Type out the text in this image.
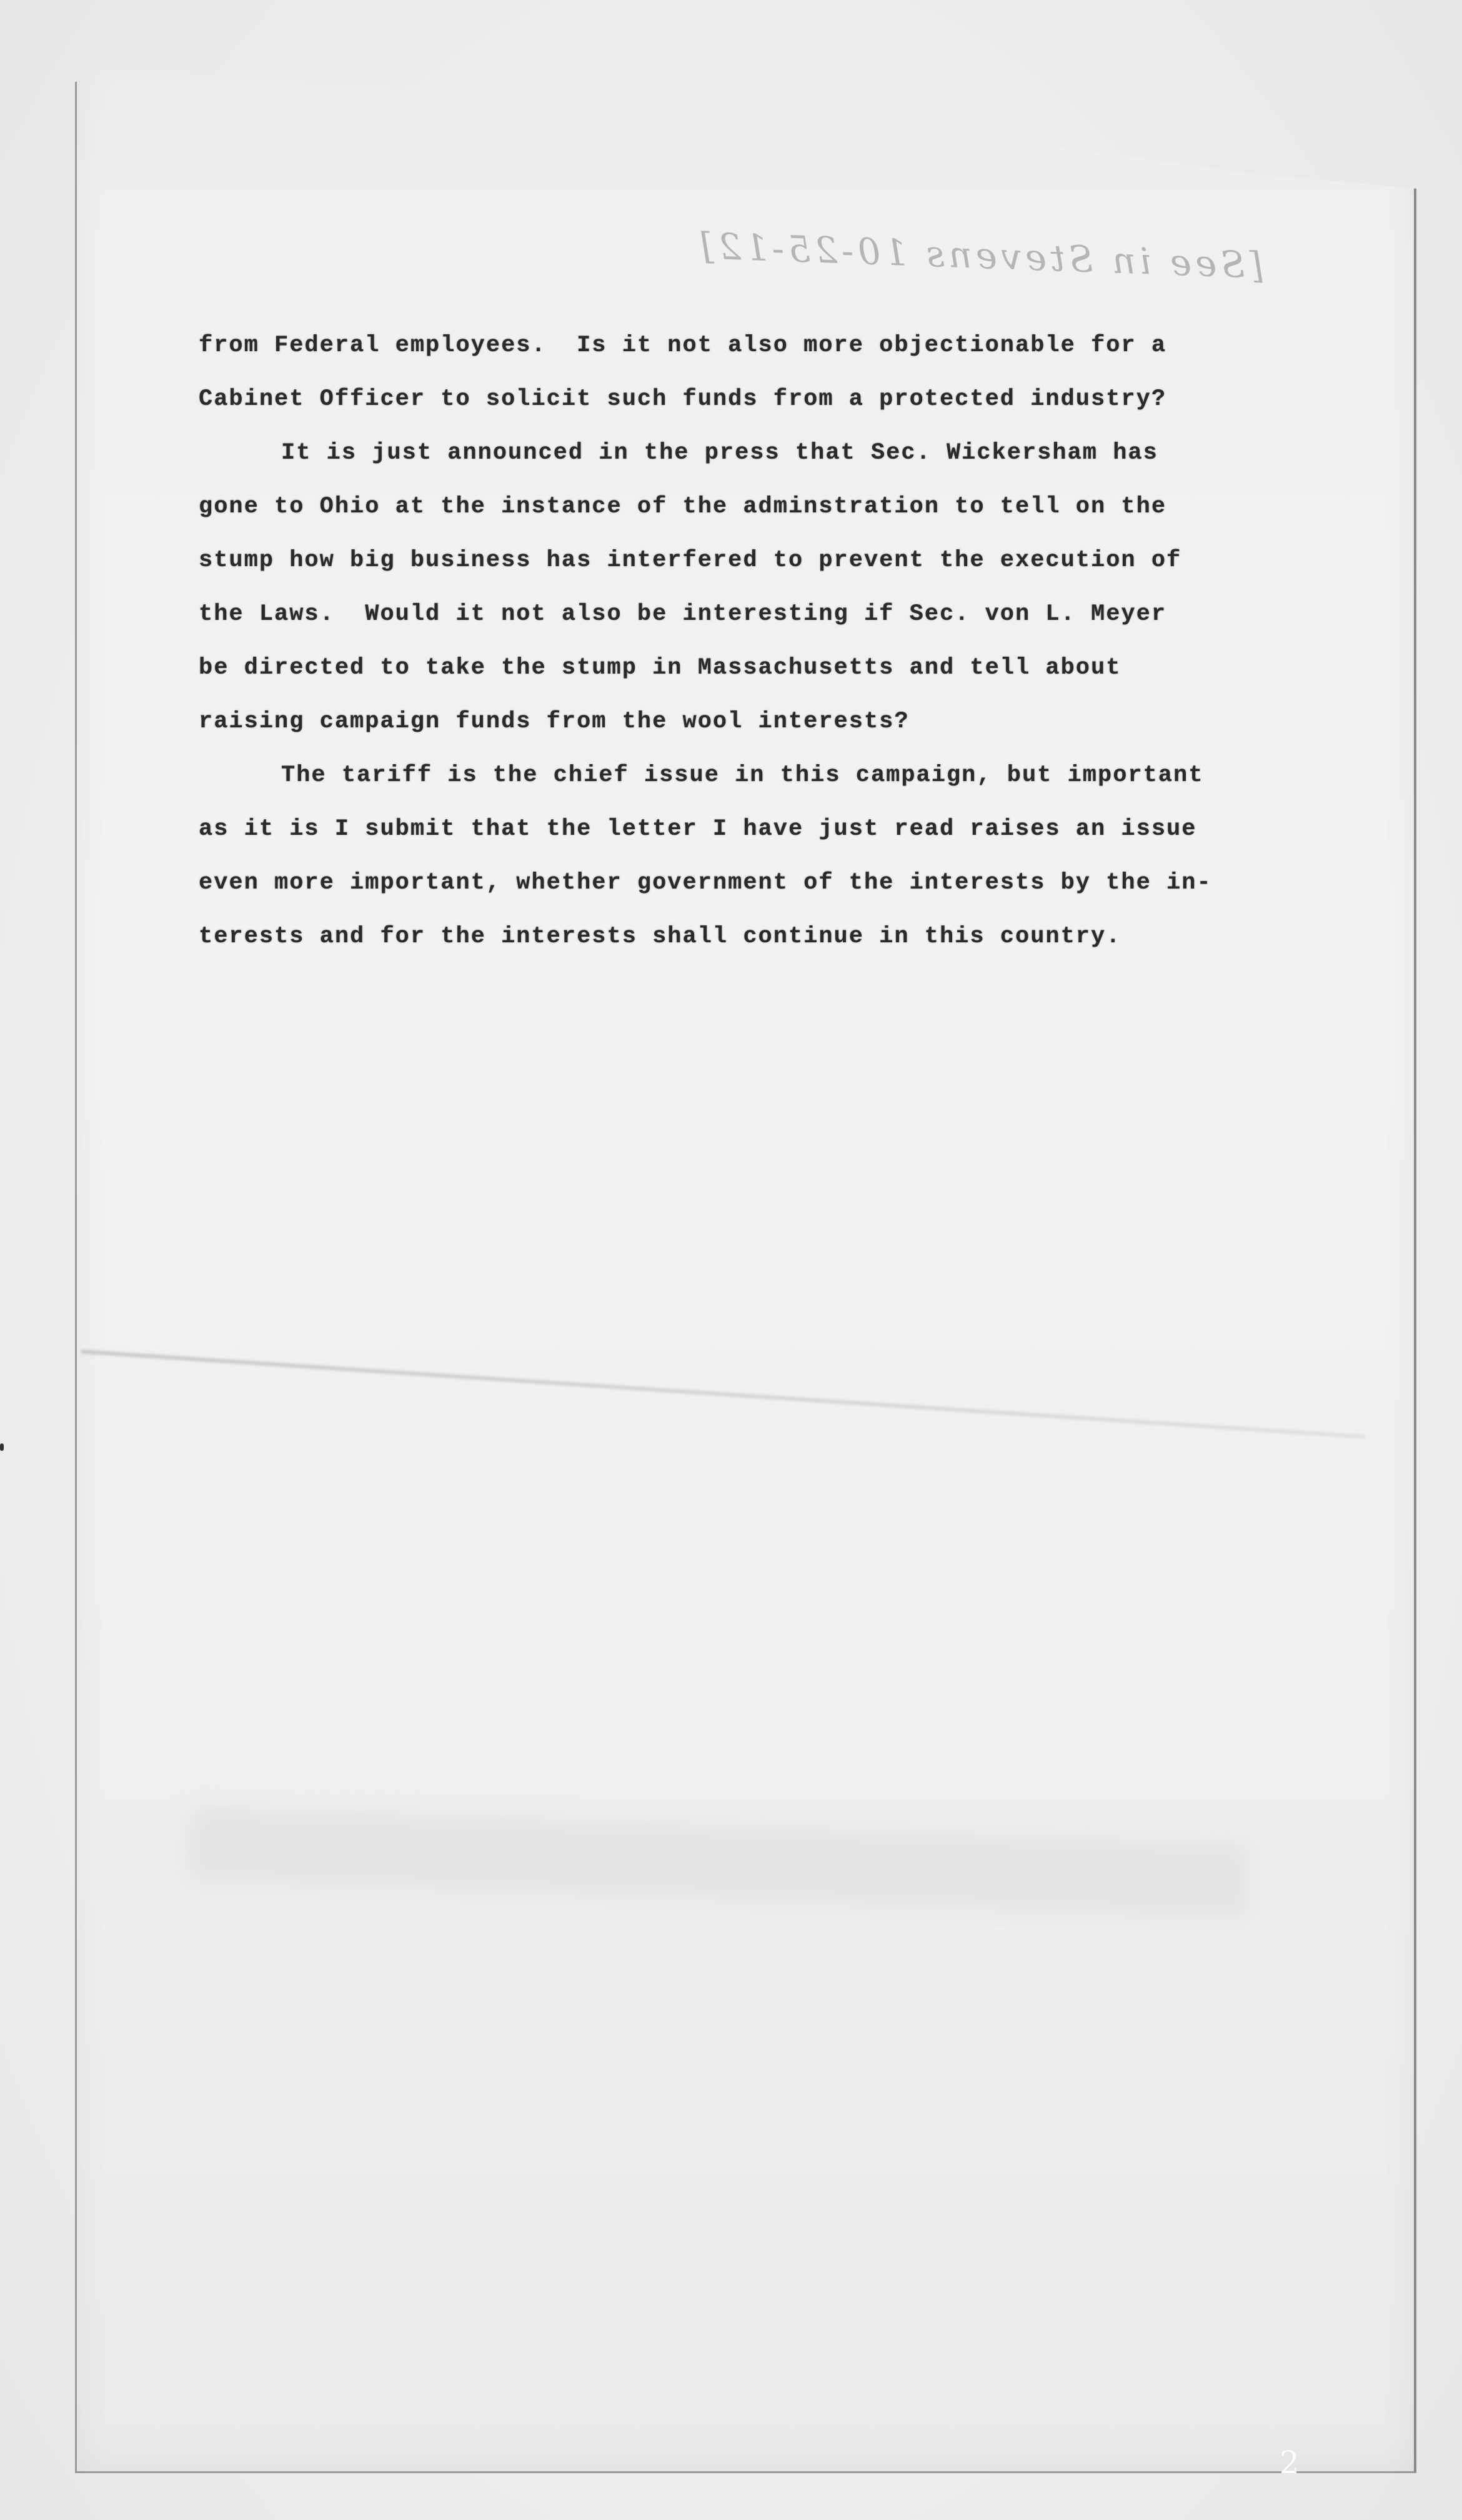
[See in Stevens 10-25-12]

from Federal employees.  Is it not also more objectionable for a

Cabinet Officer to solicit such funds from a protected industry?

It is just announced in the press that Sec. Wickersham has

gone to Ohio at the instance of the adminstration to tell on the

stump how big business has interfered to prevent the execution of

the Laws.  Would it not also be interesting if Sec. von L. Meyer

be directed to take the stump in Massachusetts and tell about

raising campaign funds from the wool interests?

The tariff is the chief issue in this campaign, but important

as it is I submit that the letter I have just read raises an issue

even more important, whether government of the interests by the in-

terests and for the interests shall continue in this country.

2
